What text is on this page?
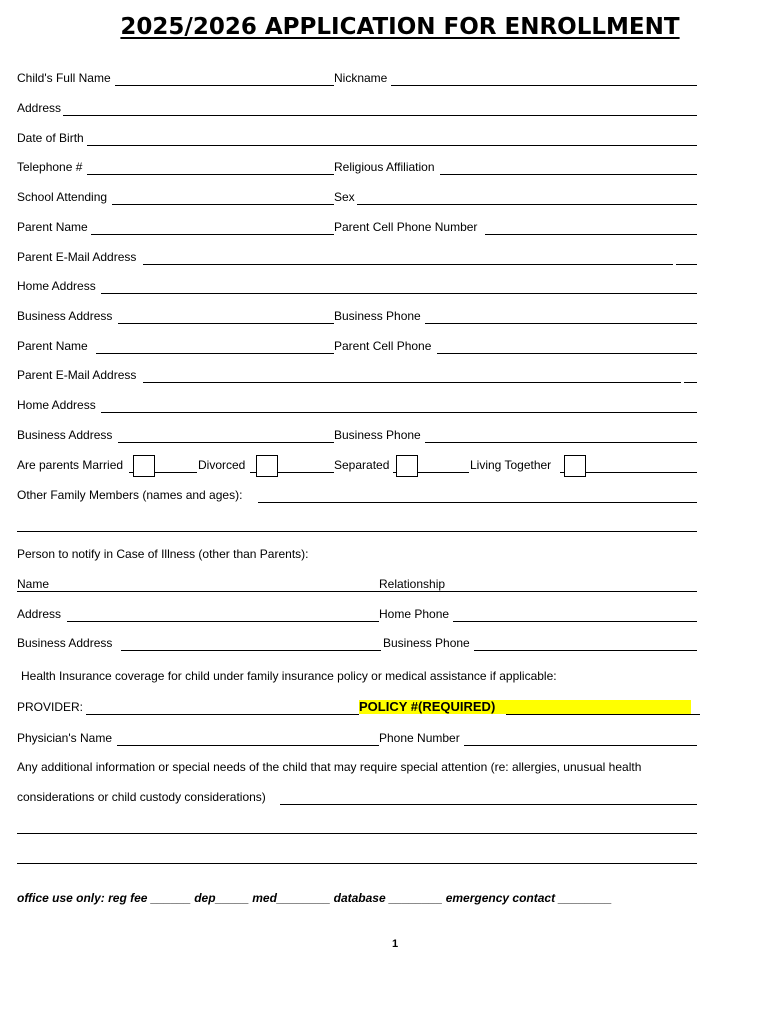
2025/2026 APPLICATION FOR ENROLLMENT
Child's Full Name	Nickname
Address
Date of Birth
Telephone #	Religious Affiliation
School Attending	Sex
Parent Name	Parent Cell Phone Number
Parent E-Mail Address
Home Address
Business Address	Business Phone
Parent Name	Parent Cell Phone
Parent E-Mail Address
Home Address
Business Address	Business Phone
Are parents Married	Divorced	Separated	Living Together
Other Family Members (names and ages):
Person to notify in Case of Illness (other than Parents):
Name	Relationship
Address	Home Phone
Business Address	Business Phone
Health Insurance coverage for child under family insurance policy or medical assistance if applicable:
PROVIDER:	POLICY #(REQUIRED)
Physician's Name	Phone Number
Any additional information or special needs of the child that may require special attention (re: allergies, unusual health
considerations or child custody considerations)
office use only: reg fee ______ dep_____ med________ database ________ emergency contact ________
1
